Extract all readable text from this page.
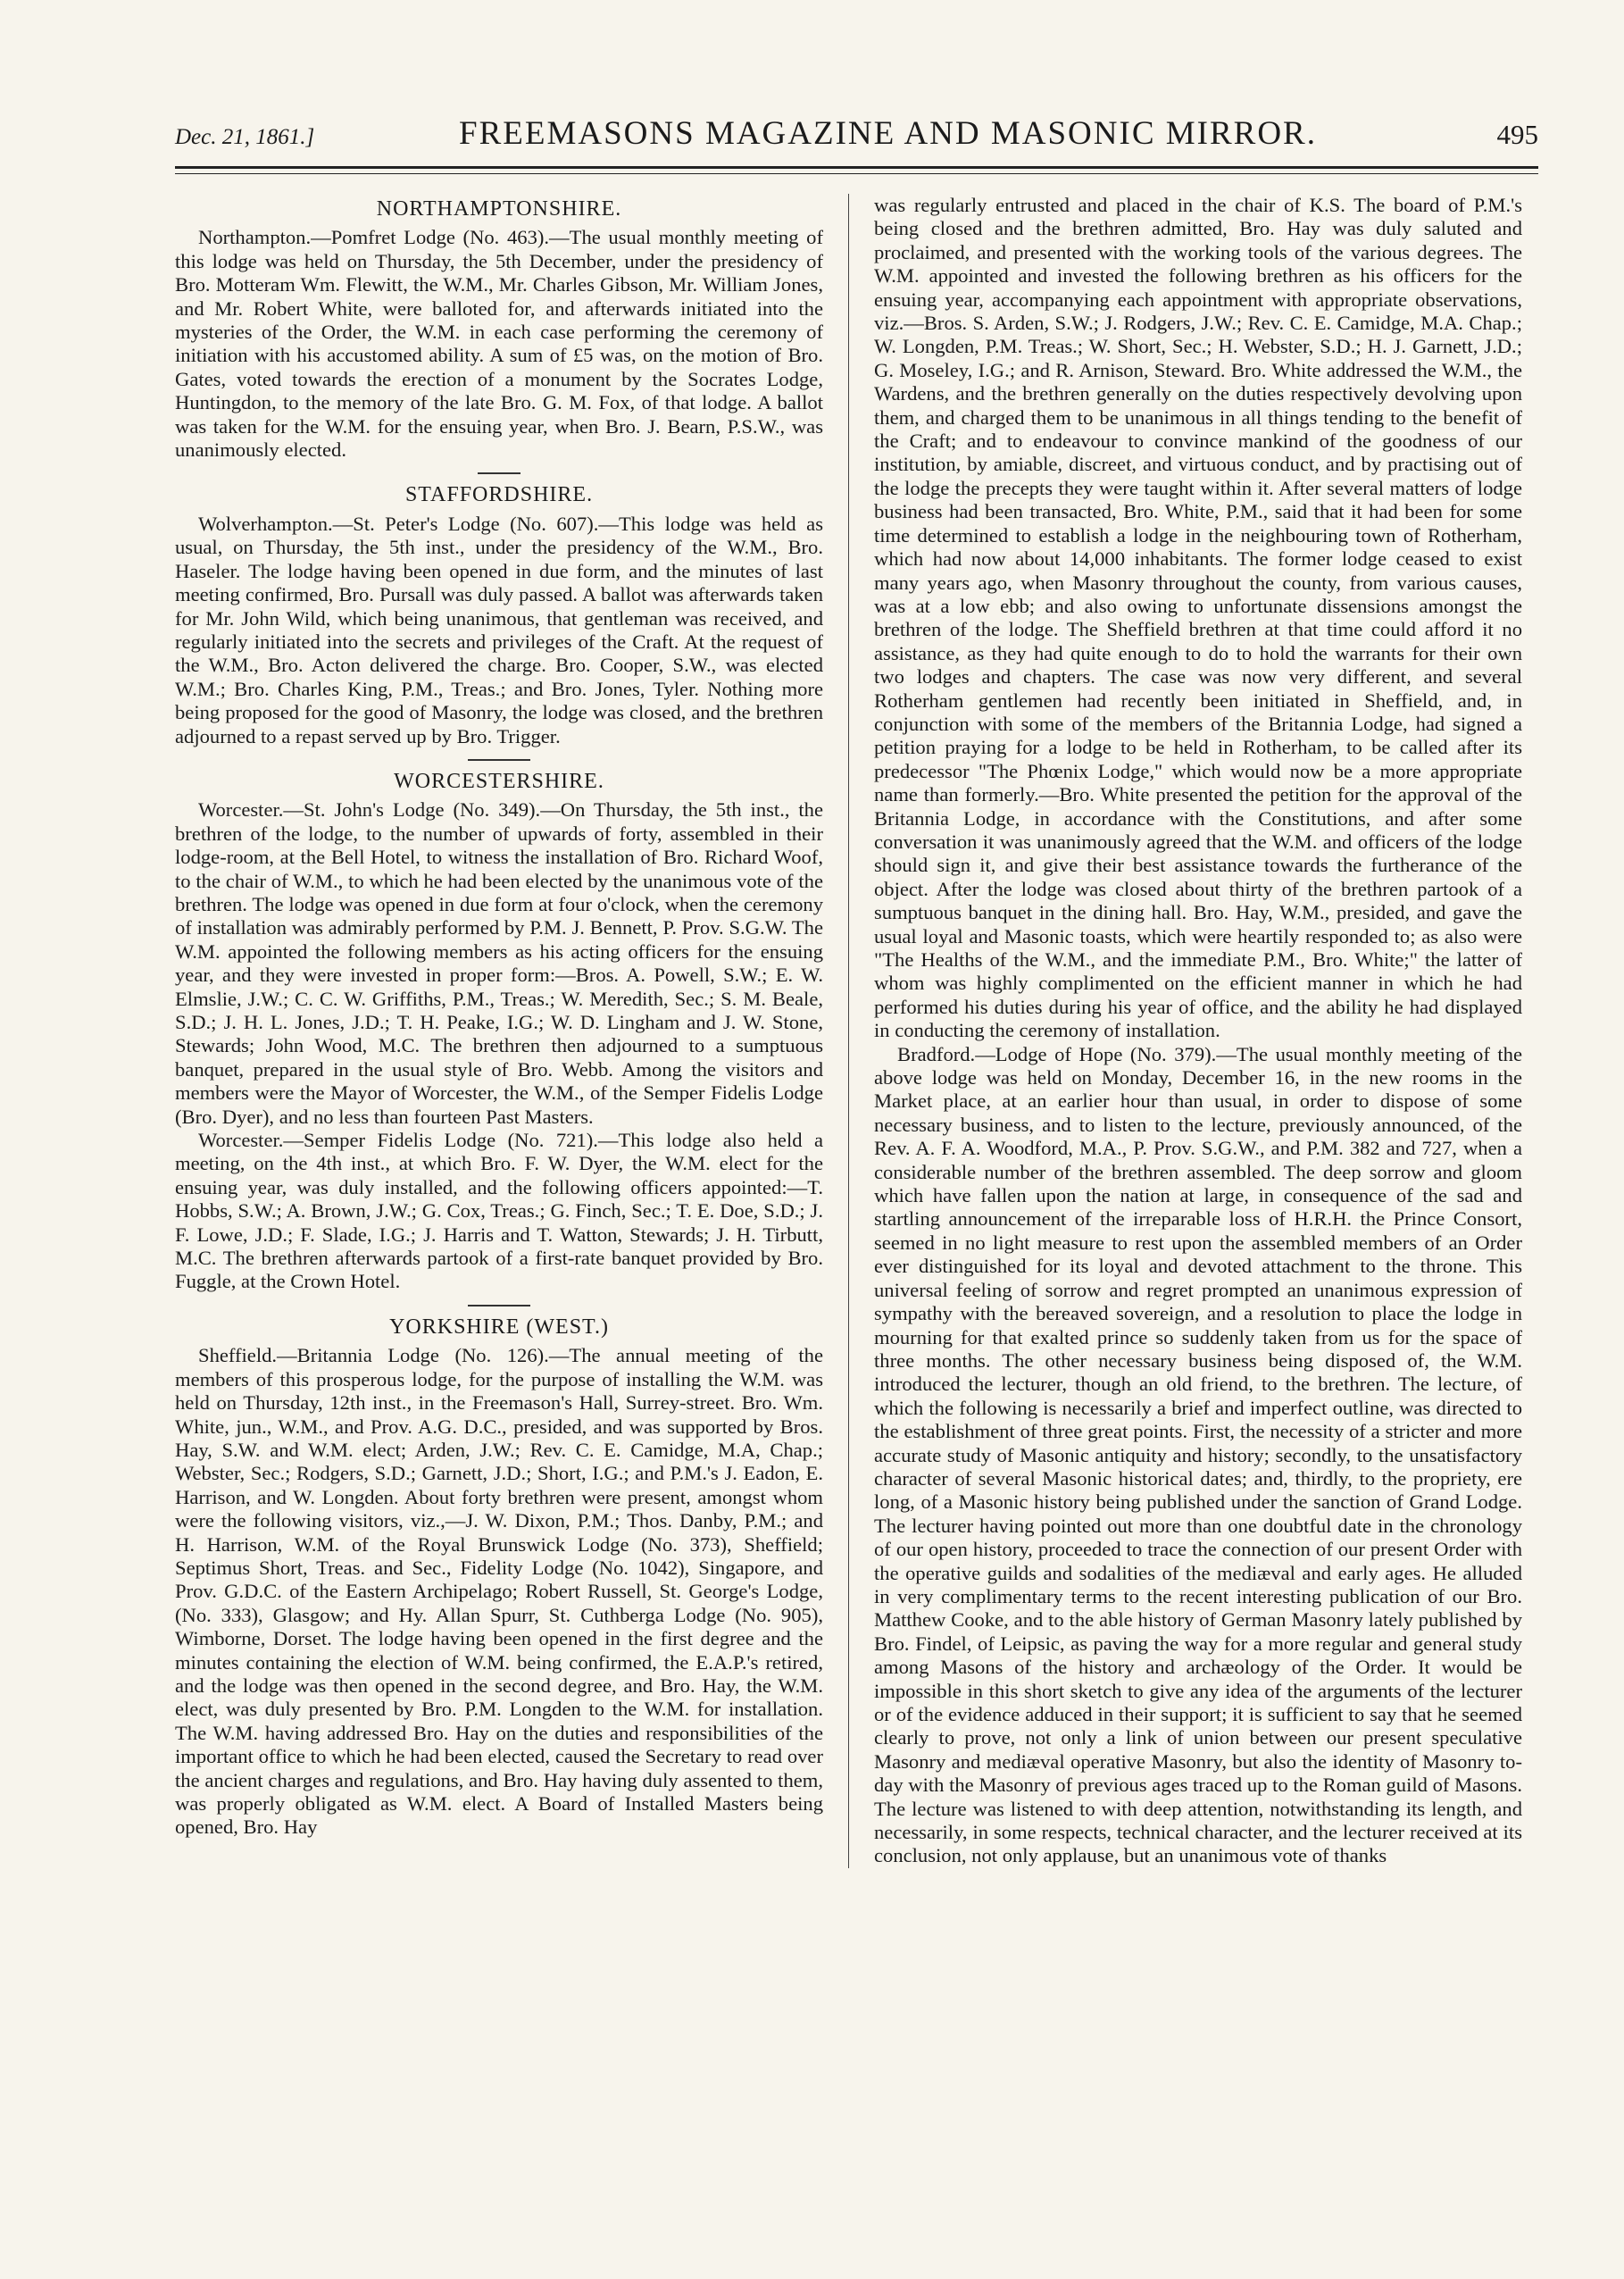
Dec. 21, 1861.]	FREEMASONS MAGAZINE AND MASONIC MIRROR.	495
NORTHAMPTONSHIRE.

Northampton.—Pomfret Lodge (No. 463).—The usual monthly meeting of this lodge was held on Thursday, the 5th December, under the presidency of Bro. Motteram Wm. Flewitt, the W.M., Mr. Charles Gibson, Mr. William Jones, and Mr. Robert White, were balloted for, and afterwards initiated into the mysteries of the Order, the W.M. in each case performing the ceremony of initiation with his accustomed ability. A sum of £5 was, on the motion of Bro. Gates, voted towards the erection of a monument by the Socrates Lodge, Huntingdon, to the memory of the late Bro. G. M. Fox, of that lodge. A ballot was taken for the W.M. for the ensuing year, when Bro. J. Bearn, P.S.W., was unanimously elected.

STAFFORDSHIRE.

Wolverhampton.—St. Peter's Lodge (No. 607).—This lodge was held as usual, on Thursday, the 5th inst., under the presidency of the W.M., Bro. Haseler. The lodge having been opened in due form, and the minutes of last meeting confirmed, Bro. Pursall was duly passed. A ballot was afterwards taken for Mr. John Wild, which being unanimous, that gentleman was received, and regularly initiated into the secrets and privileges of the Craft. At the request of the W.M., Bro. Acton delivered the charge. Bro. Cooper, S.W., was elected W.M.; Bro. Charles King, P.M., Treas.; and Bro. Jones, Tyler. Nothing more being proposed for the good of Masonry, the lodge was closed, and the brethren adjourned to a repast served up by Bro. Trigger.

WORCESTERSHIRE.

Worcester.—St. John's Lodge (No. 349).—On Thursday, the 5th inst., the brethren of the lodge, to the number of upwards of forty, assembled in their lodge-room, at the Bell Hotel, to witness the installation of Bro. Richard Woof, to the chair of W.M., to which he had been elected by the unanimous vote of the brethren. The lodge was opened in due form at four o'clock, when the ceremony of installation was admirably performed by P.M. J. Bennett, P. Prov. S.G.W. The W.M. appointed the following members as his acting officers for the ensuing year, and they were invested in proper form:—Bros. A. Powell, S.W.; E. W. Elmslie, J.W.; C. C. W. Griffiths, P.M., Treas.; W. Meredith, Sec.; S. M. Beale, S.D.; J. H. L. Jones, J.D.; T. H. Peake, I.G.; W. D. Lingham and J. W. Stone, Stewards; John Wood, M.C. The brethren then adjourned to a sumptuous banquet, prepared in the usual style of Bro. Webb. Among the visitors and members were the Mayor of Worcester, the W.M., of the Semper Fidelis Lodge (Bro. Dyer), and no less than fourteen Past Masters.

Worcester.—Semper Fidelis Lodge (No. 721).—This lodge also held a meeting, on the 4th inst., at which Bro. F. W. Dyer, the W.M. elect for the ensuing year, was duly installed, and the following officers appointed:—T. Hobbs, S.W.; A. Brown, J.W.; G. Cox, Treas.; G. Finch, Sec.; T. E. Doe, S.D.; J. F. Lowe, J.D.; F. Slade, I.G.; J. Harris and T. Watton, Stewards; J. H. Tirbutt, M.C. The brethren afterwards partook of a first-rate banquet provided by Bro. Fuggle, at the Crown Hotel.

YORKSHIRE (WEST.)

Sheffield.—Britannia Lodge (No. 126).—The annual meeting of the members of this prosperous lodge, for the purpose of installing the W.M. was held on Thursday, 12th inst., in the Freemason's Hall, Surrey-street. Bro. Wm. White, jun., W.M., and Prov. A.G. D.C., presided, and was supported by Bros. Hay, S.W. and W.M. elect; Arden, J.W.; Rev. C. E. Camidge, M.A, Chap.; Webster, Sec.; Rodgers, S.D.; Garnett, J.D.; Short, I.G.; and P.M.'s J. Eadon, E. Harrison, and W. Longden. About forty brethren were present, amongst whom were the following visitors, viz.,—J. W. Dixon, P.M.; Thos. Danby, P.M.; and H. Harrison, W.M. of the Royal Brunswick Lodge (No. 373), Sheffield; Septimus Short, Treas. and Sec., Fidelity Lodge (No. 1042), Singapore, and Prov. G.D.C. of the Eastern Archipelago; Robert Russell, St. George's Lodge, (No. 333), Glasgow; and Hy. Allan Spurr, St. Cuthberga Lodge (No. 905), Wimborne, Dorset. The lodge having been opened in the first degree and the minutes containing the election of W.M. being confirmed, the E.A.P.'s retired, and the lodge was then opened in the second degree, and Bro. Hay, the W.M. elect, was duly presented by Bro. P.M. Longden to the W.M. for installation. The W.M. having addressed Bro. Hay on the duties and responsibilities of the important office to which he had been elected, caused the Secretary to read over the ancient charges and regulations, and Bro. Hay having duly assented to them, was properly obligated as W.M. elect. A Board of Installed Masters being opened, Bro. Hay

was regularly entrusted and placed in the chair of K.S. The board of P.M.'s being closed and the brethren admitted, Bro. Hay was duly saluted and proclaimed, and presented with the working tools of the various degrees. The W.M. appointed and invested the following brethren as his officers for the ensuing year, accompanying each appointment with appropriate observations, viz.—Bros. S. Arden, S.W.; J. Rodgers, J.W.; Rev. C. E. Camidge, M.A. Chap.; W. Longden, P.M. Treas.; W. Short, Sec.; H. Webster, S.D.; H. J. Garnett, J.D.; G. Moseley, I.G.; and R. Arnison, Steward. Bro. White addressed the W.M., the Wardens, and the brethren generally on the duties respectively devolving upon them, and charged them to be unanimous in all things tending to the benefit of the Craft; and to endeavour to convince mankind of the goodness of our institution, by amiable, discreet, and virtuous conduct, and by practising out of the lodge the precepts they were taught within it. After several matters of lodge business had been transacted, Bro. White, P.M., said that it had been for some time determined to establish a lodge in the neighbouring town of Rotherham, which had now about 14,000 inhabitants. The former lodge ceased to exist many years ago, when Masonry throughout the county, from various causes, was at a low ebb; and also owing to unfortunate dissensions amongst the brethren of the lodge. The Sheffield brethren at that time could afford it no assistance, as they had quite enough to do to hold the warrants for their own two lodges and chapters. The case was now very different, and several Rotherham gentlemen had recently been initiated in Sheffield, and, in conjunction with some of the members of the Britannia Lodge, had signed a petition praying for a lodge to be held in Rotherham, to be called after its predecessor "The Phœnix Lodge," which would now be a more appropriate name than formerly.—Bro. White presented the petition for the approval of the Britannia Lodge, in accordance with the Constitutions, and after some conversation it was unanimously agreed that the W.M. and officers of the lodge should sign it, and give their best assistance towards the furtherance of the object. After the lodge was closed about thirty of the brethren partook of a sumptuous banquet in the dining hall. Bro. Hay, W.M., presided, and gave the usual loyal and Masonic toasts, which were heartily responded to; as also were "The Healths of the W.M., and the immediate P.M., Bro. White;" the latter of whom was highly complimented on the efficient manner in which he had performed his duties during his year of office, and the ability he had displayed in conducting the ceremony of installation.

Bradford.—Lodge of Hope (No. 379).—The usual monthly meeting of the above lodge was held on Monday, December 16, in the new rooms in the Market place, at an earlier hour than usual, in order to dispose of some necessary business, and to listen to the lecture, previously announced, of the Rev. A. F. A. Woodford, M.A., P. Prov. S.G.W., and P.M. 382 and 727, when a considerable number of the brethren assembled. The deep sorrow and gloom which have fallen upon the nation at large, in consequence of the sad and startling announcement of the irreparable loss of H.R.H. the Prince Consort, seemed in no light measure to rest upon the assembled members of an Order ever distinguished for its loyal and devoted attachment to the throne. This universal feeling of sorrow and regret prompted an unanimous expression of sympathy with the bereaved sovereign, and a resolution to place the lodge in mourning for that exalted prince so suddenly taken from us for the space of three months. The other necessary business being disposed of, the W.M. introduced the lecturer, though an old friend, to the brethren. The lecture, of which the following is necessarily a brief and imperfect outline, was directed to the establishment of three great points. First, the necessity of a stricter and more accurate study of Masonic antiquity and history; secondly, to the unsatisfactory character of several Masonic historical dates; and, thirdly, to the propriety, ere long, of a Masonic history being published under the sanction of Grand Lodge. The lecturer having pointed out more than one doubtful date in the chronology of our open history, proceeded to trace the connection of our present Order with the operative guilds and sodalities of the mediæval and early ages. He alluded in very complimentary terms to the recent interesting publication of our Bro. Matthew Cooke, and to the able history of German Masonry lately published by Bro. Findel, of Leipsic, as paving the way for a more regular and general study among Masons of the history and archæology of the Order. It would be impossible in this short sketch to give any idea of the arguments of the lecturer or of the evidence adduced in their support; it is sufficient to say that he seemed clearly to prove, not only a link of union between our present speculative Masonry and mediæval operative Masonry, but also the identity of Masonry to-day with the Masonry of previous ages traced up to the Roman guild of Masons. The lecture was listened to with deep attention, notwithstanding its length, and necessarily, in some respects, technical character, and the lecturer received at its conclusion, not only applause, but an unanimous vote of thanks
